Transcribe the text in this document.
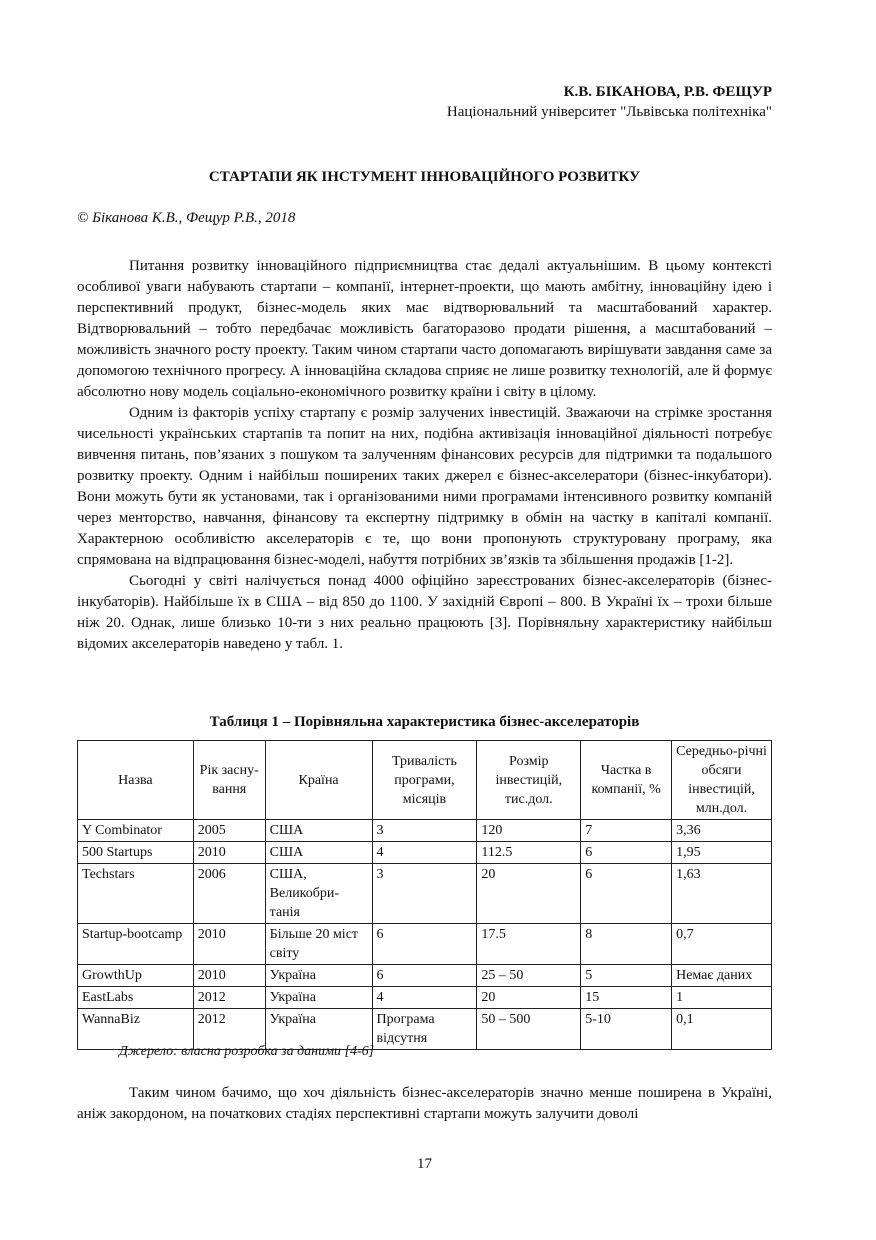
К.В. БІКАНОВА, Р.В. ФЕЩУР
Національний університет "Львівська політехніка"
СТАРТАПИ ЯК ІНСТУМЕНТ ІННОВАЦІЙНОГО РОЗВИТКУ
© Біканова К.В., Фещур Р.В., 2018

Питання розвитку інноваційного підприємництва стає дедалі актуальнішим. В цьому контексті особливої уваги набувають стартапи – компанії, інтернет-проекти, що мають амбітну, інноваційну ідею і перспективний продукт, бізнес-модель яких має відтворювальний та масштабований характер. Відтворювальний – тобто передбачає можливість багаторазово продати рішення, а масштабований – можливість значного росту проекту. Таким чином стартапи часто допомагають вирішувати завдання саме за допомогою технічного прогресу. А інноваційна складова сприяє не лише розвитку технологій, але й формує абсолютно нову модель соціально-економічного розвитку країни і світу в цілому.

Одним із факторів успіху стартапу є розмір залучених інвестицій. Зважаючи на стрімке зростання чисельності українських стартапів та попит на них, подібна активізація інноваційної діяльності потребує вивчення питань, пов’язаних з пошуком та залученням фінансових ресурсів для підтримки та подальшого розвитку проекту. Одним і найбільш поширених таких джерел є бізнес-акселератори (бізнес-інкубатори). Вони можуть бути як установами, так і організованими ними програмами інтенсивного розвитку компаній через менторство, навчання, фінансову та експертну підтримку в обмін на частку в капіталі компанії. Характерною особливістю акселераторів є те, що вони пропонують структуровану програму, яка спрямована на відпрацювання бізнес-моделі, набуття потрібних зв’язків та збільшення продажів [1-2].

Сьогодні у світі налічується понад 4000 офіційно зареєстрованих бізнес-акселераторів (бізнес-інкубаторів). Найбільше їх в США – від 850 до 1100. У західній Європі – 800. В Україні їх – трохи більше ніж 20. Однак, лише близько 10-ти з них реально працюють [3]. Порівняльну характеристику найбільш відомих акселераторів наведено у табл. 1.

Таблиця 1 – Порівняльна характеристика бізнес-акселераторів
Назва	Рік засну-вання	Країна	Тривалість програми, місяців	Розмір інвестицій, тис.дол.	Частка в компанії, %	Середньо-річні обсяги інвестицій, млн.дол.
Y Combinator	2005	США	3	120	7	3,36
500 Startups	2010	США	4	112.5	6	1,95
Techstars	2006	США, Великобри-танія	3	20	6	1,63
Startup-bootcamp	2010	Більше 20 міст світу	6	17.5	8	0,7
GrowthUp	2010	Україна	6	25 – 50	5	Немає даних
EastLabs	2012	Україна	4	20	15	1
WannaBiz	2012	Україна	Програма відсутня	50 – 500	5-10	0,1
Джерело: власна розробка за даними [4-6]

Таким чином бачимо, що хоч діяльність бізнес-акселераторів значно менше поширена в Україні, аніж закордоном, на початкових стадіях перспективні стартапи можуть залучити доволі

17
